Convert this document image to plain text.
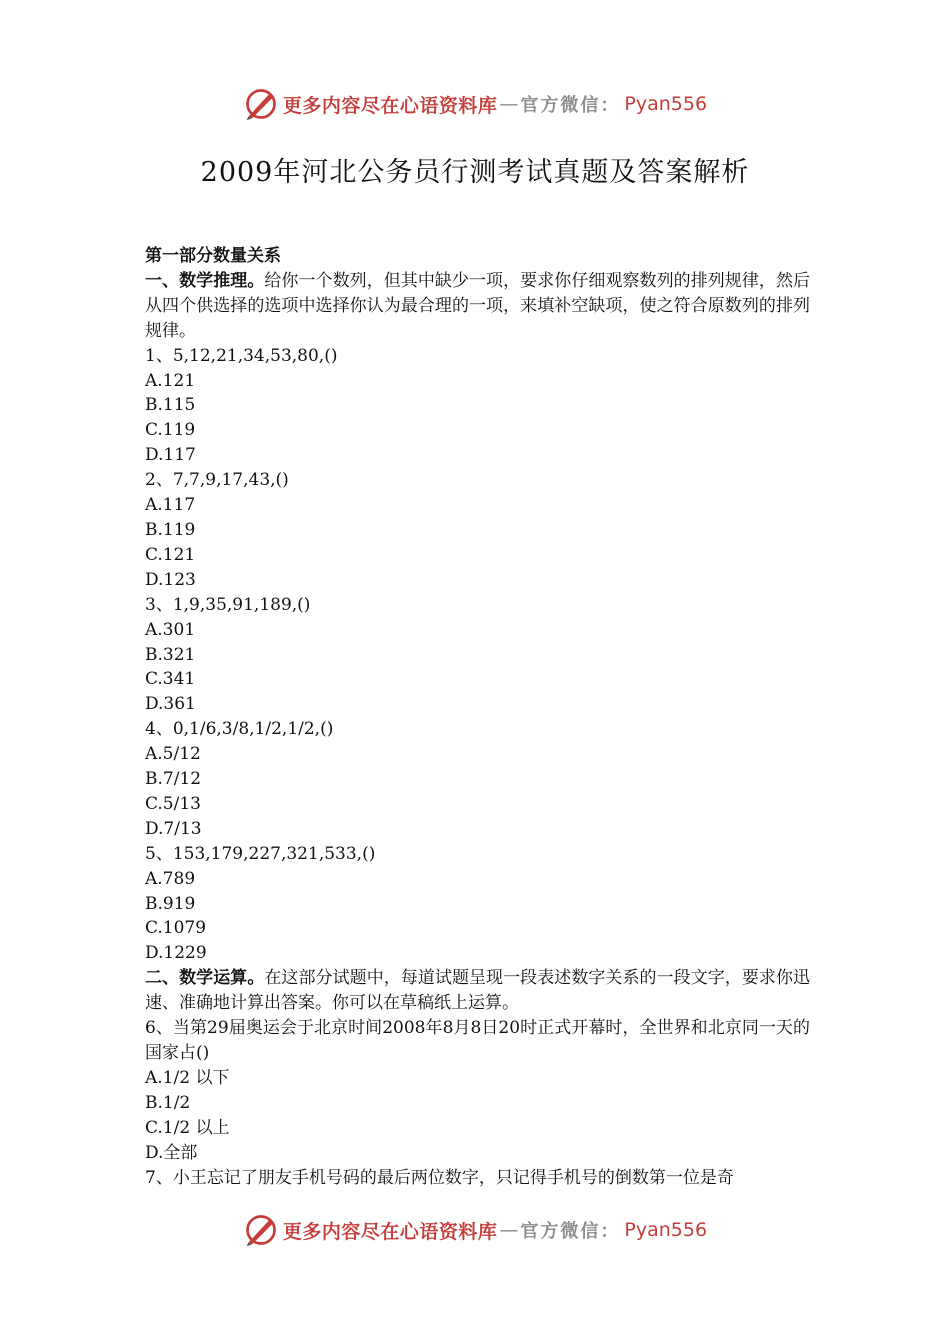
更多内容尽在心语资料库 — 官方微信： Pyan556
2009年河北公务员行测考试真题及答案解析
第一部分数量关系
一、数学推理。给你一个数列，但其中缺少一项，要求你仔细观察数列的排列规律，然后从四个供选择的选项中选择你认为最合理的一项，来填补空缺项，使之符合原数列的排列规律。
1、5,12,21,34,53,80,()
A.121
B.115
C.119
D.117
2、7,7,9,17,43,()
A.117
B.119
C.121
D.123
3、1,9,35,91,189,()
A.301
B.321
C.341
D.361
4、0,1/6,3/8,1/2,1/2,()
A.5/12
B.7/12
C.5/13
D.7/13
5、153,179,227,321,533,()
A.789
B.919
C.1079
D.1229
二、数学运算。在这部分试题中，每道试题呈现一段表述数字关系的一段文字，要求你迅速、准确地计算出答案。你可以在草稿纸上运算。
6、当第29届奥运会于北京时间2008年8月8日20时正式开幕时，全世界和北京同一天的国家占()
A.1/2 以下
B.1/2
C.1/2 以上
D.全部
7、小王忘记了朋友手机号码的最后两位数字，只记得手机号的倒数第一位是奇
更多内容尽在心语资料库 — 官方微信： Pyan556
